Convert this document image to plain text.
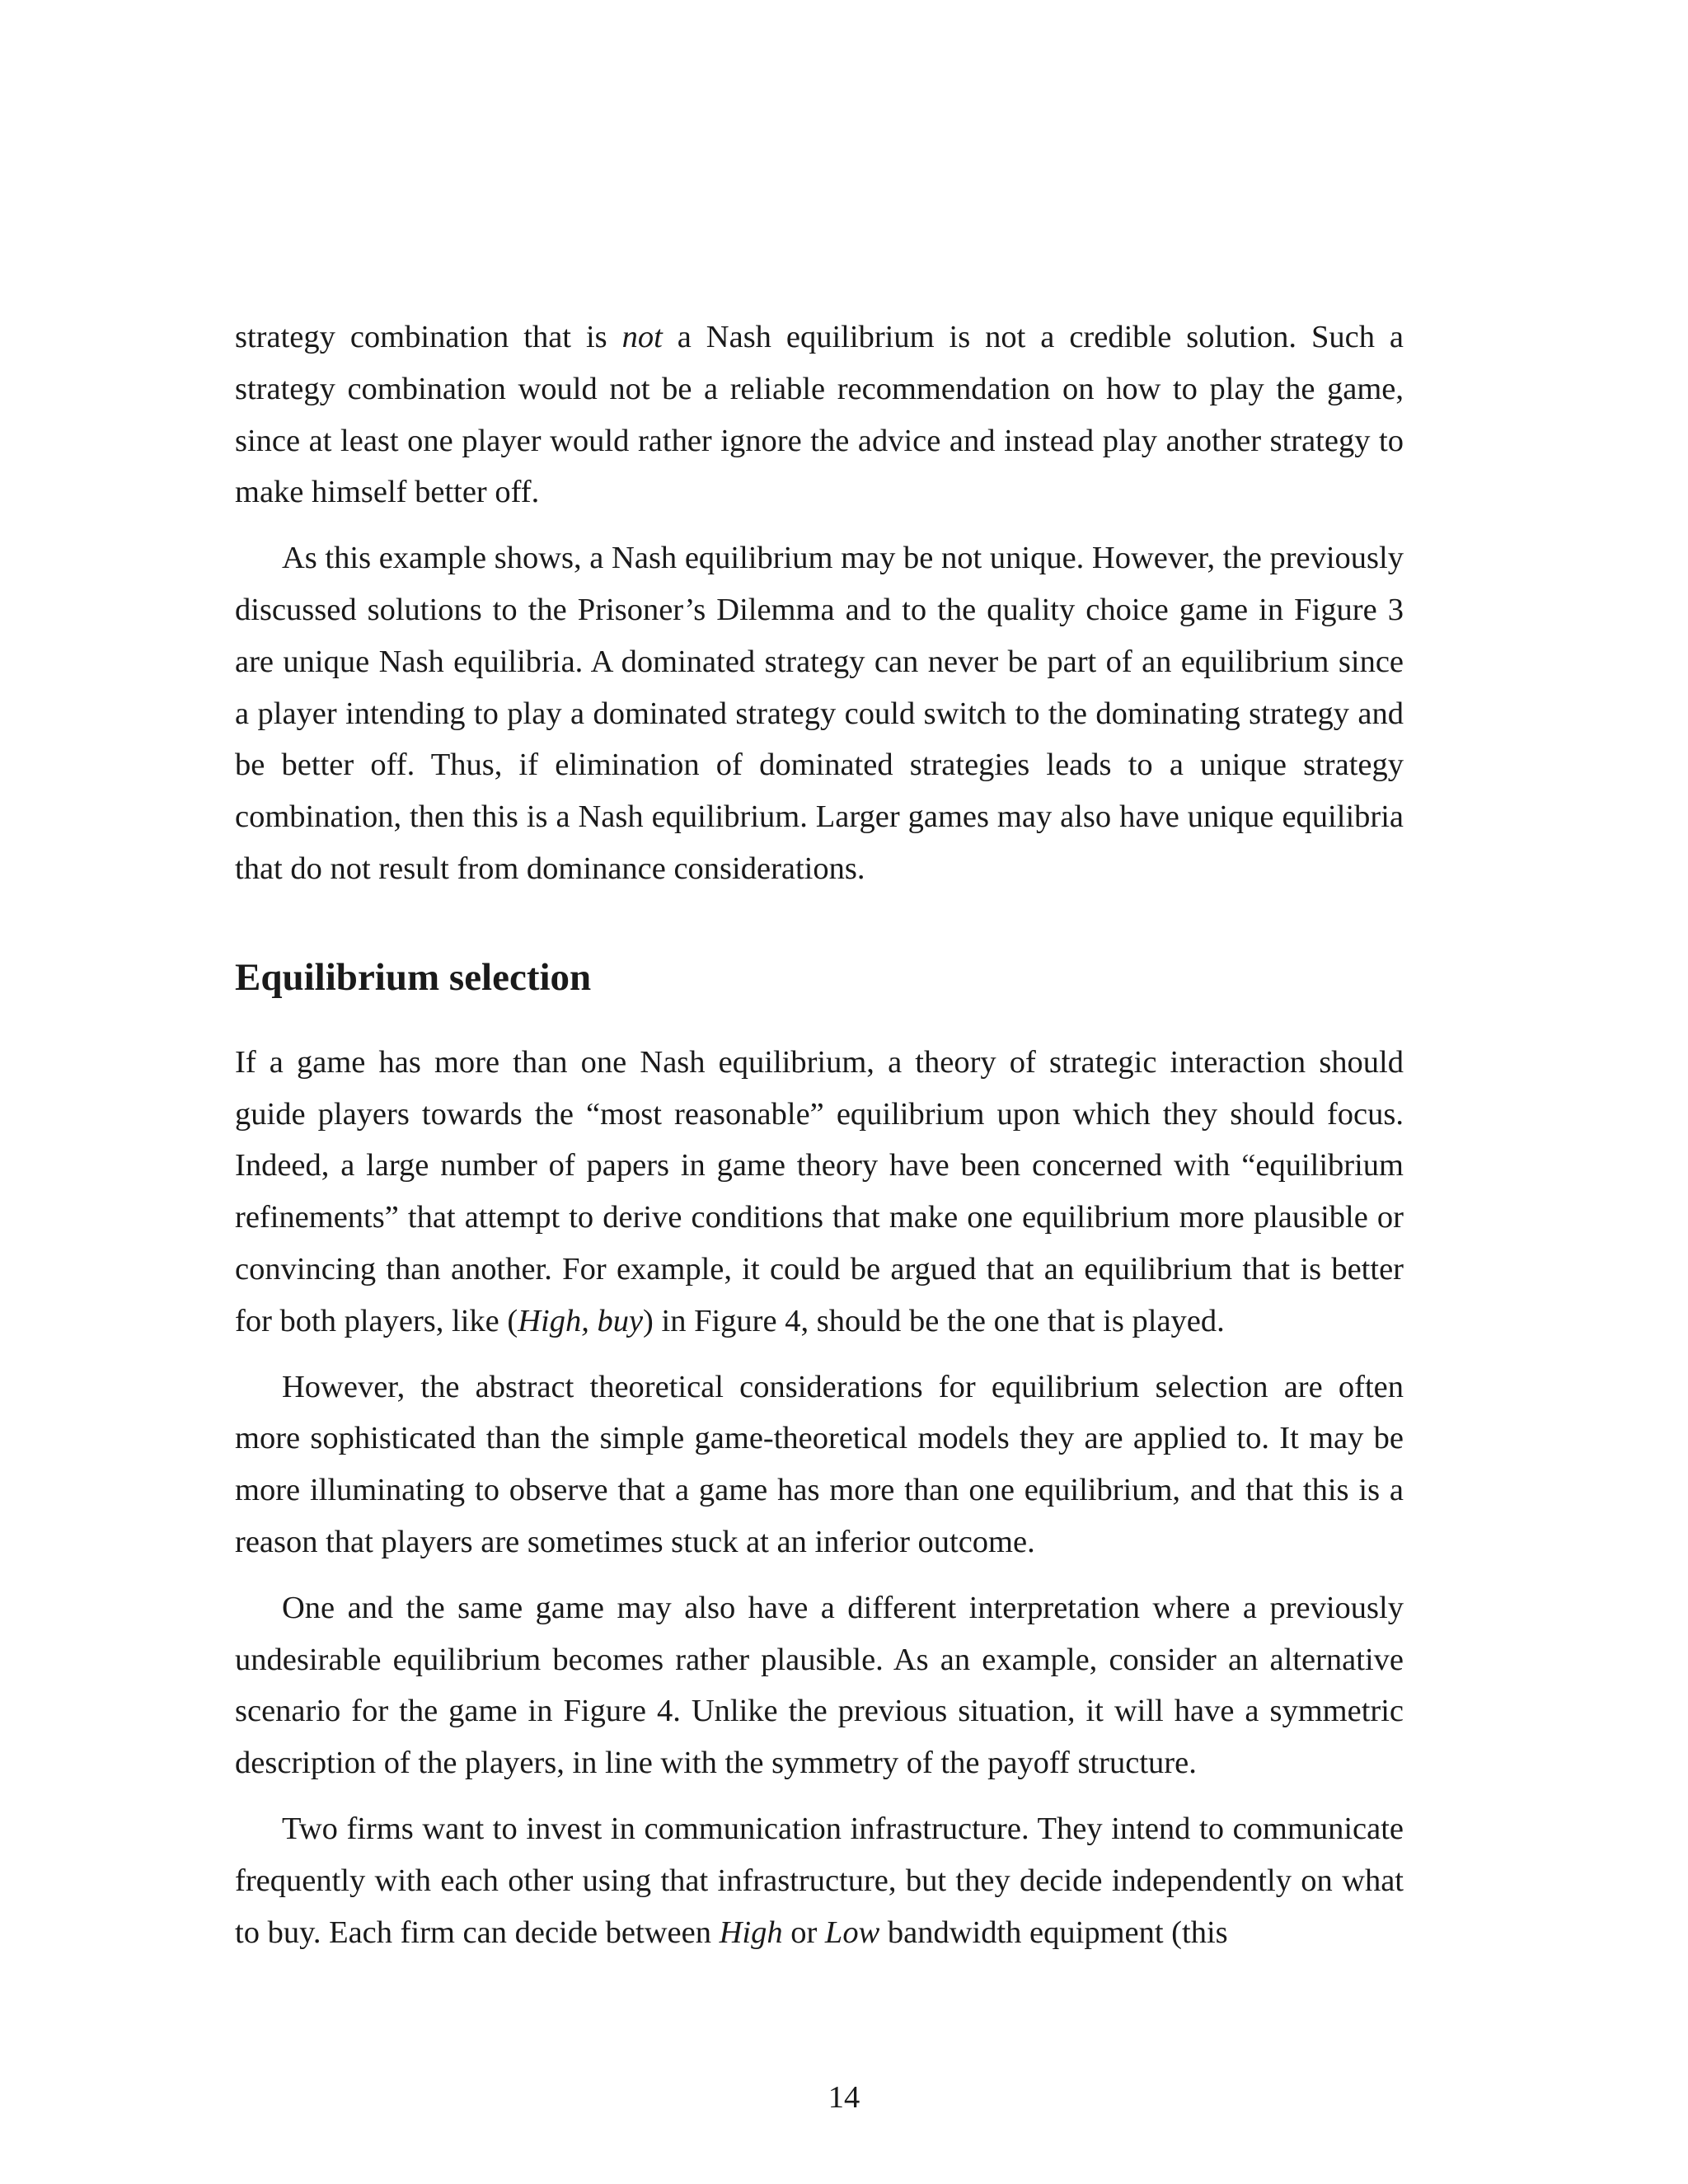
strategy combination that is not a Nash equilibrium is not a credible solution. Such a strategy combination would not be a reliable recommendation on how to play the game, since at least one player would rather ignore the advice and instead play another strategy to make himself better off.

As this example shows, a Nash equilibrium may be not unique. However, the previously discussed solutions to the Prisoner’s Dilemma and to the quality choice game in Figure 3 are unique Nash equilibria. A dominated strategy can never be part of an equilibrium since a player intending to play a dominated strategy could switch to the dominating strategy and be better off. Thus, if elimination of dominated strategies leads to a unique strategy combination, then this is a Nash equilibrium. Larger games may also have unique equilibria that do not result from dominance considerations.

Equilibrium selection

If a game has more than one Nash equilibrium, a theory of strategic interaction should guide players towards the “most reasonable” equilibrium upon which they should focus. Indeed, a large number of papers in game theory have been concerned with “equilibrium refinements” that attempt to derive conditions that make one equilibrium more plausible or convincing than another. For example, it could be argued that an equilibrium that is better for both players, like (High, buy) in Figure 4, should be the one that is played.

However, the abstract theoretical considerations for equilibrium selection are often more sophisticated than the simple game-theoretical models they are applied to. It may be more illuminating to observe that a game has more than one equilibrium, and that this is a reason that players are sometimes stuck at an inferior outcome.

One and the same game may also have a different interpretation where a previously undesirable equilibrium becomes rather plausible. As an example, consider an alternative scenario for the game in Figure 4. Unlike the previous situation, it will have a symmetric description of the players, in line with the symmetry of the payoff structure.

Two firms want to invest in communication infrastructure. They intend to communicate frequently with each other using that infrastructure, but they decide independently on what to buy. Each firm can decide between High or Low bandwidth equipment (this

14
